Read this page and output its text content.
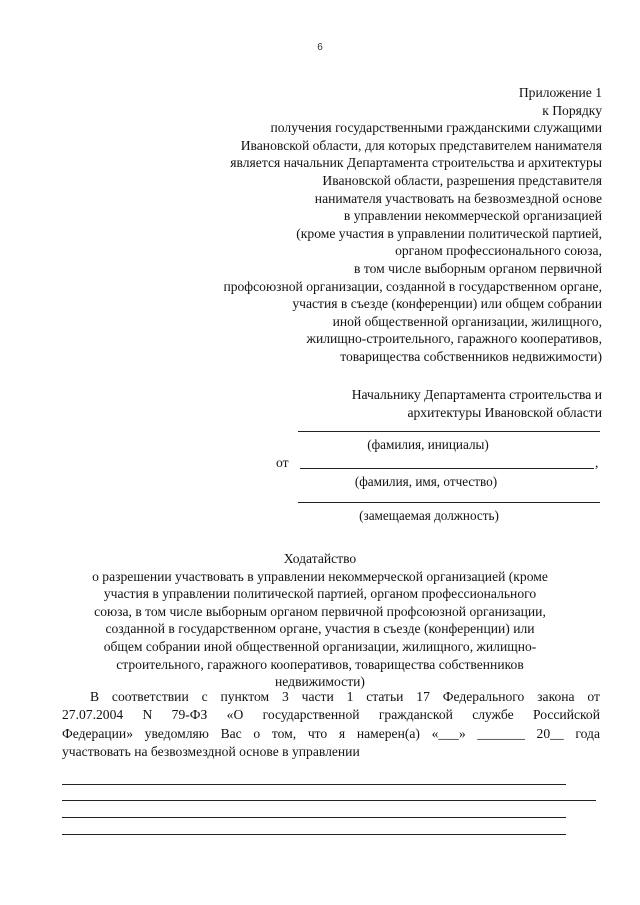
6
Приложение 1
к Порядку
получения государственными гражданскими служащими
Ивановской области, для которых представителем нанимателя
является начальник Департамента строительства и архитектуры
Ивановской области, разрешения представителя
нанимателя участвовать на безвозмездной основе
в управлении некоммерческой организацией
(кроме участия в управлении политической партией,
органом профессионального союза,
в том числе выборным органом первичной
профсоюзной организации, созданной в государственном органе,
участия в съезде (конференции) или общем собрании
иной общественной организации, жилищного,
жилищно-строительного, гаражного кооперативов,
товарищества собственников недвижимости)
Начальнику Департамента строительства и
архитектуры Ивановской области
(фамилия, инициалы)
от	,
(фамилия, имя, отчество)
(замещаемая должность)
Ходатайство
о разрешении участвовать в управлении некоммерческой организацией (кроме
участия в управлении политической партией, органом профессионального
союза, в том числе выборным органом первичной профсоюзной организации,
созданной в государственном органе, участия в съезде (конференции) или
общем собрании иной общественной организации, жилищного, жилищно-
строительного, гаражного кооперативов, товарищества собственников
недвижимости)
В соответствии с пунктом 3 части 1 статьи 17 Федерального закона от
27.07.2004 N 79-ФЗ «О государственной гражданской службе Российской
Федерации» уведомляю Вас о том, что я намерен(а) «___» _______ 20__ года
участвовать на безвозмездной основе в управлении
